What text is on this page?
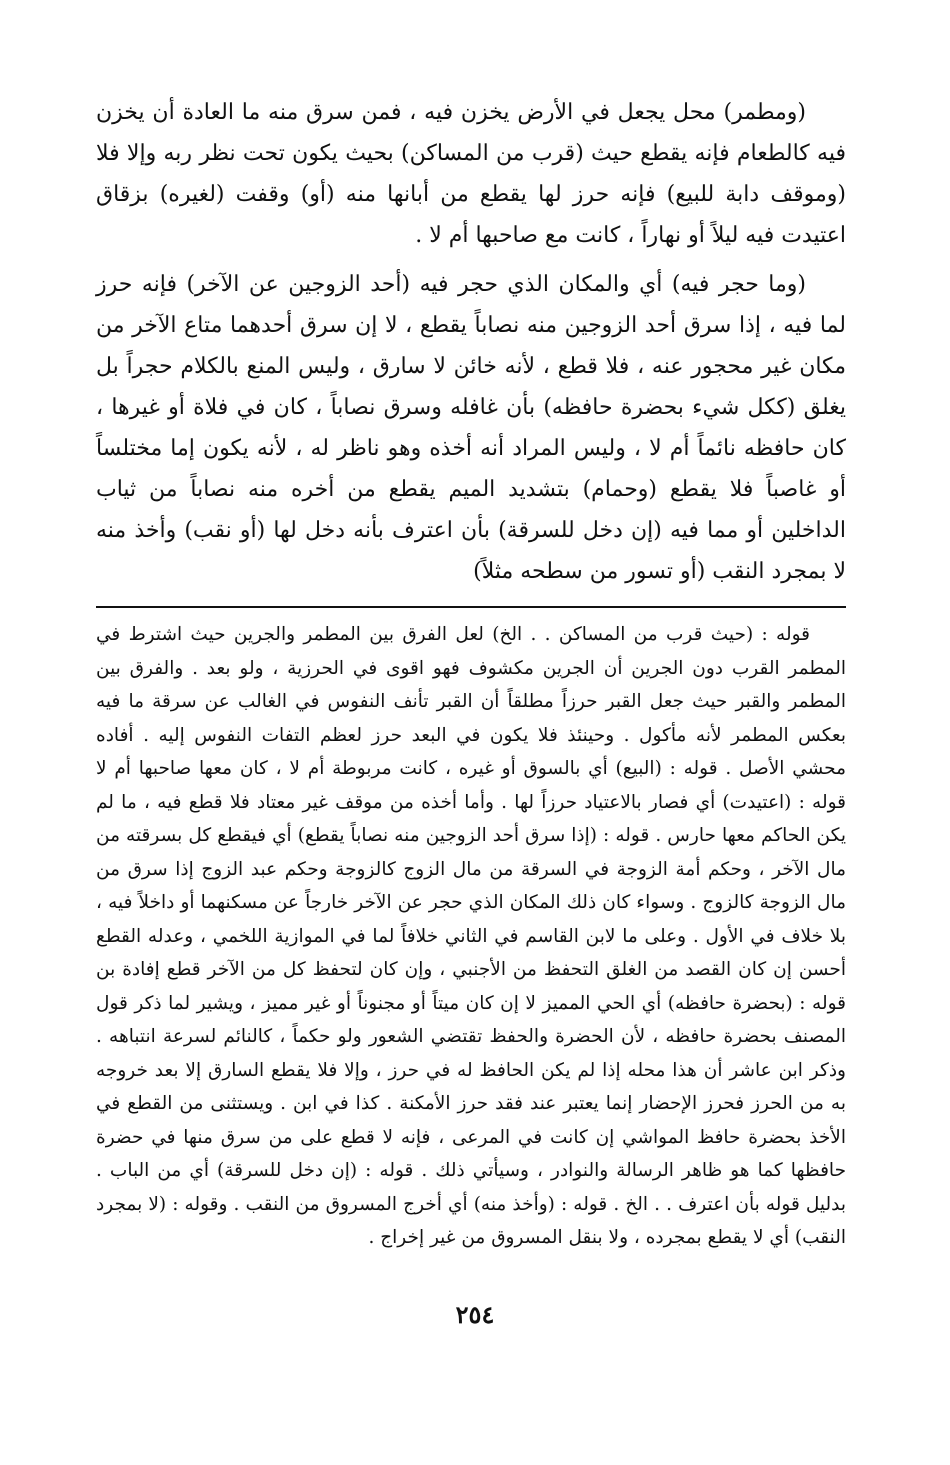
(ومطمر) محل يجعل في الأرض يخزن فيه ، فمن سرق منه ما العادة أن يخزن فيه كالطعام فإنه يقطع حيث (قرب من المساكن) بحيث يكون تحت نظر ربه وإلا فلا (وموقف دابة للبيع) فإنه حرز لها يقطع من أبانها منه (أو) وقفت (لغيره) بزقاق اعتيدت فيه ليلاً أو نهاراً ، كانت مع صاحبها أم لا .

(وما حجر فيه) أي والمكان الذي حجر فيه (أحد الزوجين عن الآخر) فإنه حرز لما فيه ، إذا سرق أحد الزوجين منه نصاباً يقطع ، لا إن سرق أحدهما متاع الآخر من مكان غير محجور عنه ، فلا قطع ، لأنه خائن لا سارق ، وليس المنع بالكلام حجراً بل يغلق (ككل شيء بحضرة حافظه) بأن غافله وسرق نصاباً ، كان في فلاة أو غيرها ، كان حافظه نائماً أم لا ، وليس المراد أنه أخذه وهو ناظر له ، لأنه يكون إما مختلساً أو غاصباً فلا يقطع (وحمام) بتشديد الميم يقطع من أخره منه نصاباً من ثياب الداخلين أو مما فيه (إن دخل للسرقة) بأن اعترف بأنه دخل لها (أو نقب) وأخذ منه لا بمجرد النقب (أو تسور من سطحه مثلاً)

قوله : (حيث قرب من المساكن . . الخ) لعل الفرق بين المطمر والجرين حيث اشترط في المطمر القرب دون الجرين أن الجرين مكشوف فهو اقوى في الحرزية ، ولو بعد . والفرق بين المطمر والقبر حيث جعل القبر حرزاً مطلقاً أن القبر تأنف النفوس في الغالب عن سرقة ما فيه بعكس المطمر لأنه مأكول . وحينئذ فلا يكون في البعد حرز لعظم التفات النفوس إليه . أفاده محشي الأصل . قوله : (البيع) أي بالسوق أو غيره ، كانت مربوطة أم لا ، كان معها صاحبها أم لا قوله : (اعتيدت) أي فصار بالاعتياد حرزاً لها . وأما أخذه من موقف غير معتاد فلا قطع فيه ، ما لم يكن الحاكم معها حارس . قوله : (إذا سرق أحد الزوجين منه نصاباً يقطع) أي فيقطع كل بسرقته من مال الآخر ، وحكم أمة الزوجة في السرقة من مال الزوج كالزوجة وحكم عبد الزوج إذا سرق من مال الزوجة كالزوج . وسواء كان ذلك المكان الذي حجر عن الآخر خارجاً عن مسكنهما أو داخلاً فيه ، بلا خلاف في الأول . وعلى ما لابن القاسم في الثاني خلافاً لما في الموازية اللخمي ، وعدله القطع أحسن إن كان القصد من الغلق التحفظ من الأجنبي ، وإن كان لتحفظ كل من الآخر قطع إفادة بن قوله : (بحضرة حافظه) أي الحي المميز لا إن كان ميتاً أو مجنوناً أو غير مميز ، ويشير لما ذكر قول المصنف بحضرة حافظه ، لأن الحضرة والحفظ تقتضي الشعور ولو حكماً ، كالنائم لسرعة انتباهه . وذكر ابن عاشر أن هذا محله إذا لم يكن الحافظ له في حرز ، وإلا فلا يقطع السارق إلا بعد خروجه به من الحرز فحرز الإحضار إنما يعتبر عند فقد حرز الأمكنة . كذا في ابن . ويستثنى من القطع في الأخذ بحضرة حافظ المواشي إن كانت في المرعى ، فإنه لا قطع على من سرق منها في حضرة حافظها كما هو ظاهر الرسالة والنوادر ، وسيأتي ذلك . قوله : (إن دخل للسرقة) أي من الباب . بدليل قوله بأن اعترف . . الخ . قوله : (وأخذ منه) أي أخرج المسروق من النقب . وقوله : (لا بمجرد النقب) أي لا يقطع بمجرده ، ولا بنقل المسروق من غير إخراج .

٢٥٤
